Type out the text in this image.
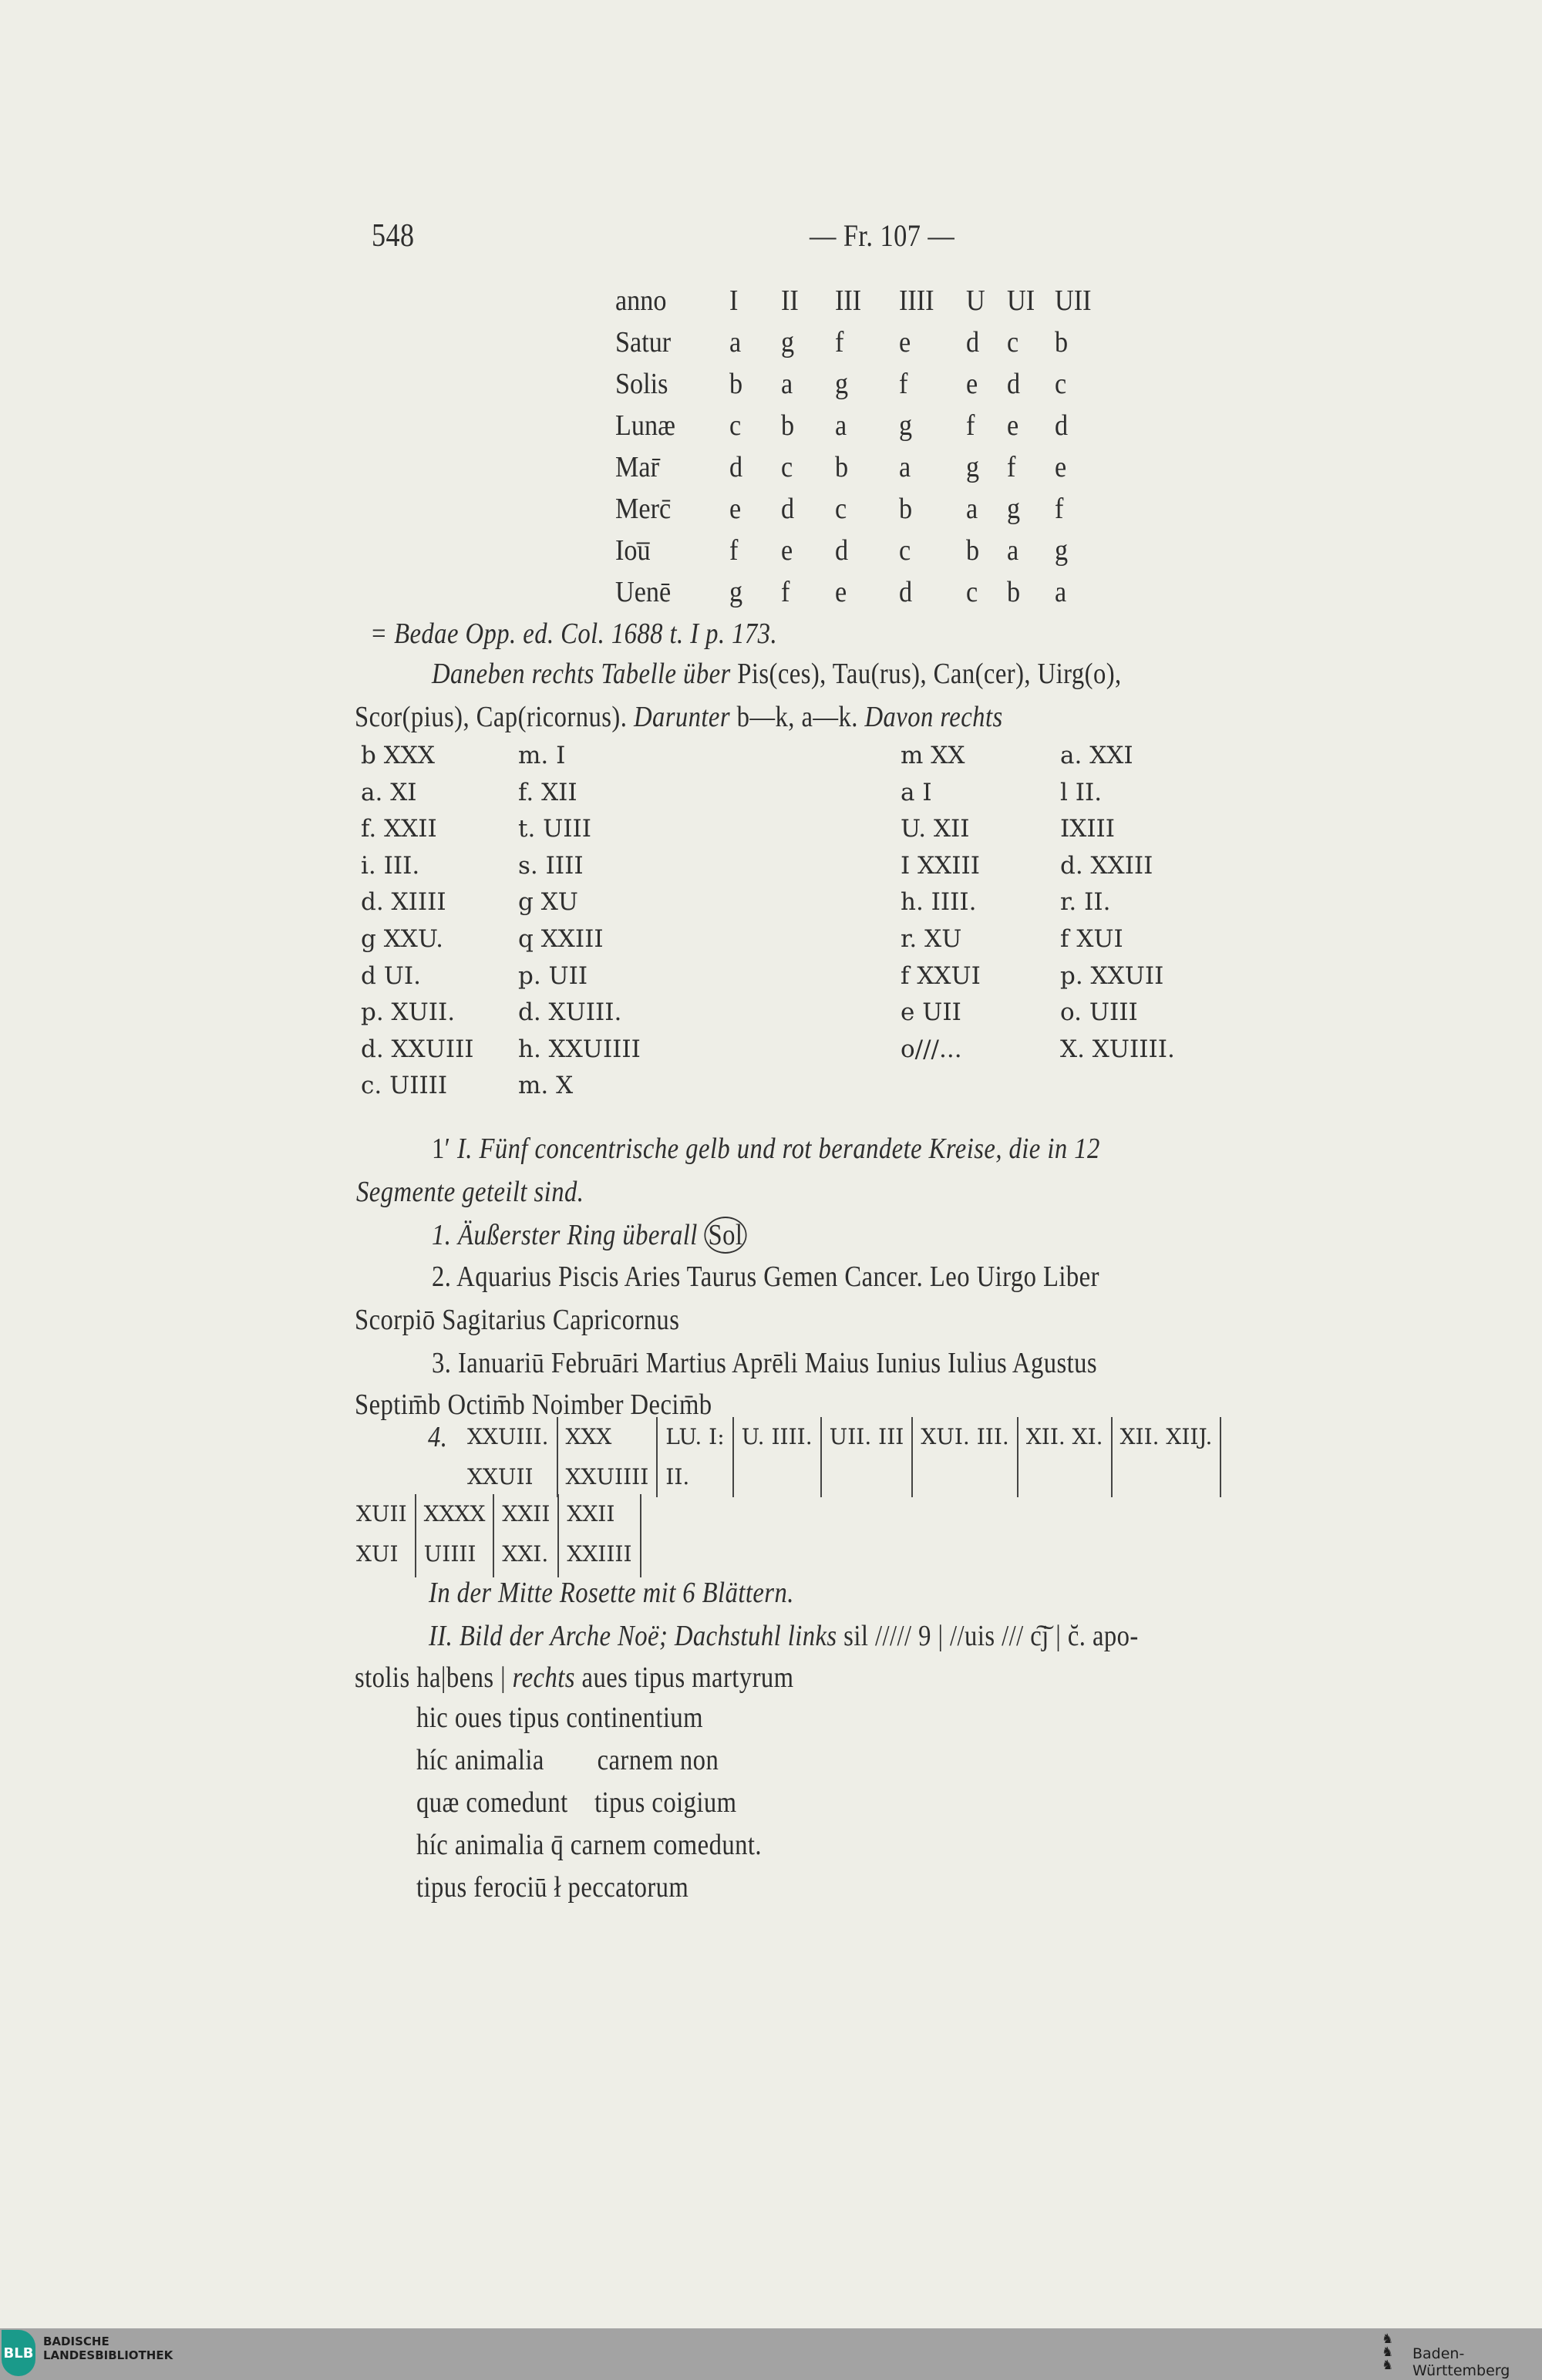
548	— Fr. 107 —
anno I II III IIII U UI UII
Satur a g f e d c b
Solis b a g f e d c
Lunæ c b a g f e d
Mar̄ d c b a g f e
Merc̄ e d c b a g f
Iou̅	f e d c b a g
Uenē g f e d c b a
= Bedae Opp. ed. Col. 1688 t. I p. 173.
Daneben rechts Tabelle über Pis(ces), Tau(rus), Can(cer), Uirg(o),
Scor(pius), Cap(ricornus). Darunter b—k, a—k. Davon rechts
b XXX
a. XI
f. XXII
i. III.
d. XIIII
g XXU.
d UI.
p. XUII.
d. XXUIII
c. UIIII
m. I
f. XII
t. UIII
s. IIII
g XU
q XXIII
p. UII
d. XUIII.
h. XXUIIII
m. X
m XX
a I
U. XII
I XXIII
h. IIII.
r. XU
f XXUI
e UII
o///...
a. XXI
l II.
IXIII
d. XXIII
r. II.
f XUI
p. XXUII
o. UIII
X. XUIIII.
1ʹ I. Fünf concentrische gelb und rot berandete Kreise, die in 12
Segmente geteilt sind.
1. Äußerster Ring überall Sol
2. Aquarius Piscis Aries Taurus Gemen Cancer. Leo Uirgo Liber
Scorpiō Sagitarius Capricornus
3. Ianuariū Februāri Martius Aprēli Maius Iunius Iulius Agustus
Septim̄b Octim̄b Noimber Decim̄b
4. XXUIII.
XXUII
XXX
XXUIIII
LU. I:
II.
U. IIII. UII. III XUI. III. XII. XI. XII. XIIJ.
XUII
XUI
XXXX
UIIII
XXII
XXI.
XXII
XXIIII
In der Mitte Rosette mit 6 Blättern.
II. Bild der Arche Noë; Dachstuhl links sil ///// 9 | //uis /// c͠j | c̆. apo-
stolis ha|bens | rechts aues tipus martyrum
hic oues tipus continentium
híc animalia        carnem non
quæ comedunt    tipus coigium
híc animalia q̄ carnem comedunt.
tipus ferociū ł peccatorum
BLB
BADISCHE
LANDESBIBLIOTHEK
♞
♞
♞
Baden-Württemberg
